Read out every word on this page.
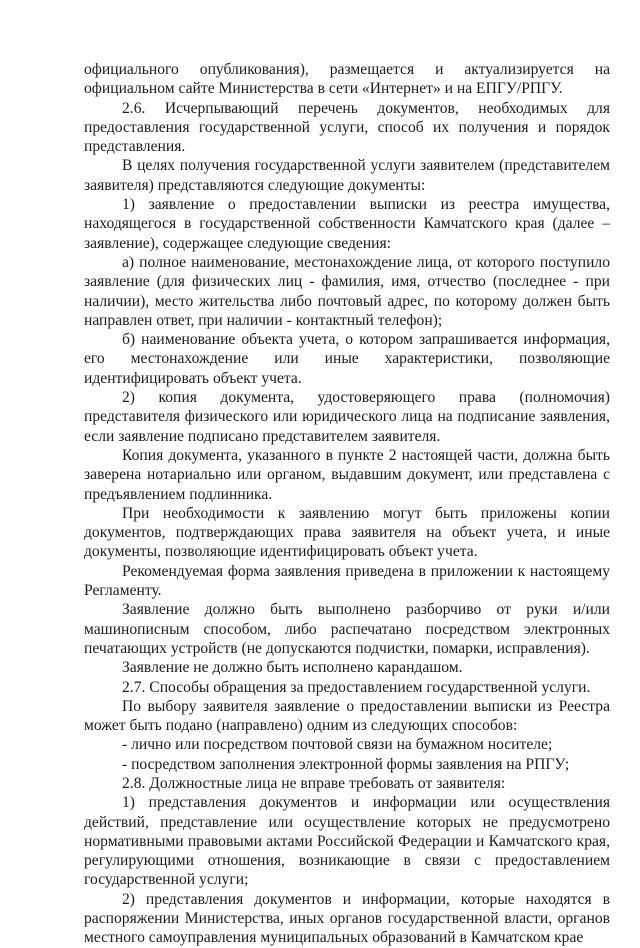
официального опубликования), размещается и актуализируется на официальном сайте Министерства в сети «Интернет» и на ЕПГУ/РПГУ.

2.6. Исчерпывающий перечень документов, необходимых для предоставления государственной услуги, способ их получения и порядок представления.

В целях получения государственной услуги заявителем (представителем заявителя) представляются следующие документы:

1) заявление о предоставлении выписки из реестра имущества, находящегося в государственной собственности Камчатского края (далее – заявление), содержащее следующие сведения:

а) полное наименование, местонахождение лица, от которого поступило заявление (для физических лиц - фамилия, имя, отчество (последнее - при наличии), место жительства либо почтовый адрес, по которому должен быть направлен ответ, при наличии - контактный телефон);

б) наименование объекта учета, о котором запрашивается информация, его местонахождение или иные характеристики, позволяющие идентифицировать объект учета.

2) копия документа, удостоверяющего права (полномочия) представителя физического или юридического лица на подписание заявления, если заявление подписано представителем заявителя.

Копия документа, указанного в пункте 2 настоящей части, должна быть заверена нотариально или органом, выдавшим документ, или представлена с предъявлением подлинника.

При необходимости к заявлению могут быть приложены копии документов, подтверждающих права заявителя на объект учета, и иные документы, позволяющие идентифицировать объект учета.

Рекомендуемая форма заявления приведена в приложении к настоящему Регламенту.

Заявление должно быть выполнено разборчиво от руки и/или машинописным способом, либо распечатано посредством электронных печатающих устройств (не допускаются подчистки, помарки, исправления).

Заявление не должно быть исполнено карандашом.

2.7. Способы обращения за предоставлением государственной услуги.

По выбору заявителя заявление о предоставлении выписки из Реестра может быть подано (направлено) одним из следующих способов:

- лично или посредством почтовой связи на бумажном носителе;

- посредством заполнения электронной формы заявления на РПГУ;

2.8. Должностные лица не вправе требовать от заявителя:

1) представления документов и информации или осуществления действий, представление или осуществление которых не предусмотрено нормативными правовыми актами Российской Федерации и Камчатского края, регулирующими отношения, возникающие в связи с предоставлением государственной услуги;

2) представления документов и информации, которые находятся в распоряжении Министерства, иных органов государственной власти, органов местного самоуправления муниципальных образований в Камчатском крае
